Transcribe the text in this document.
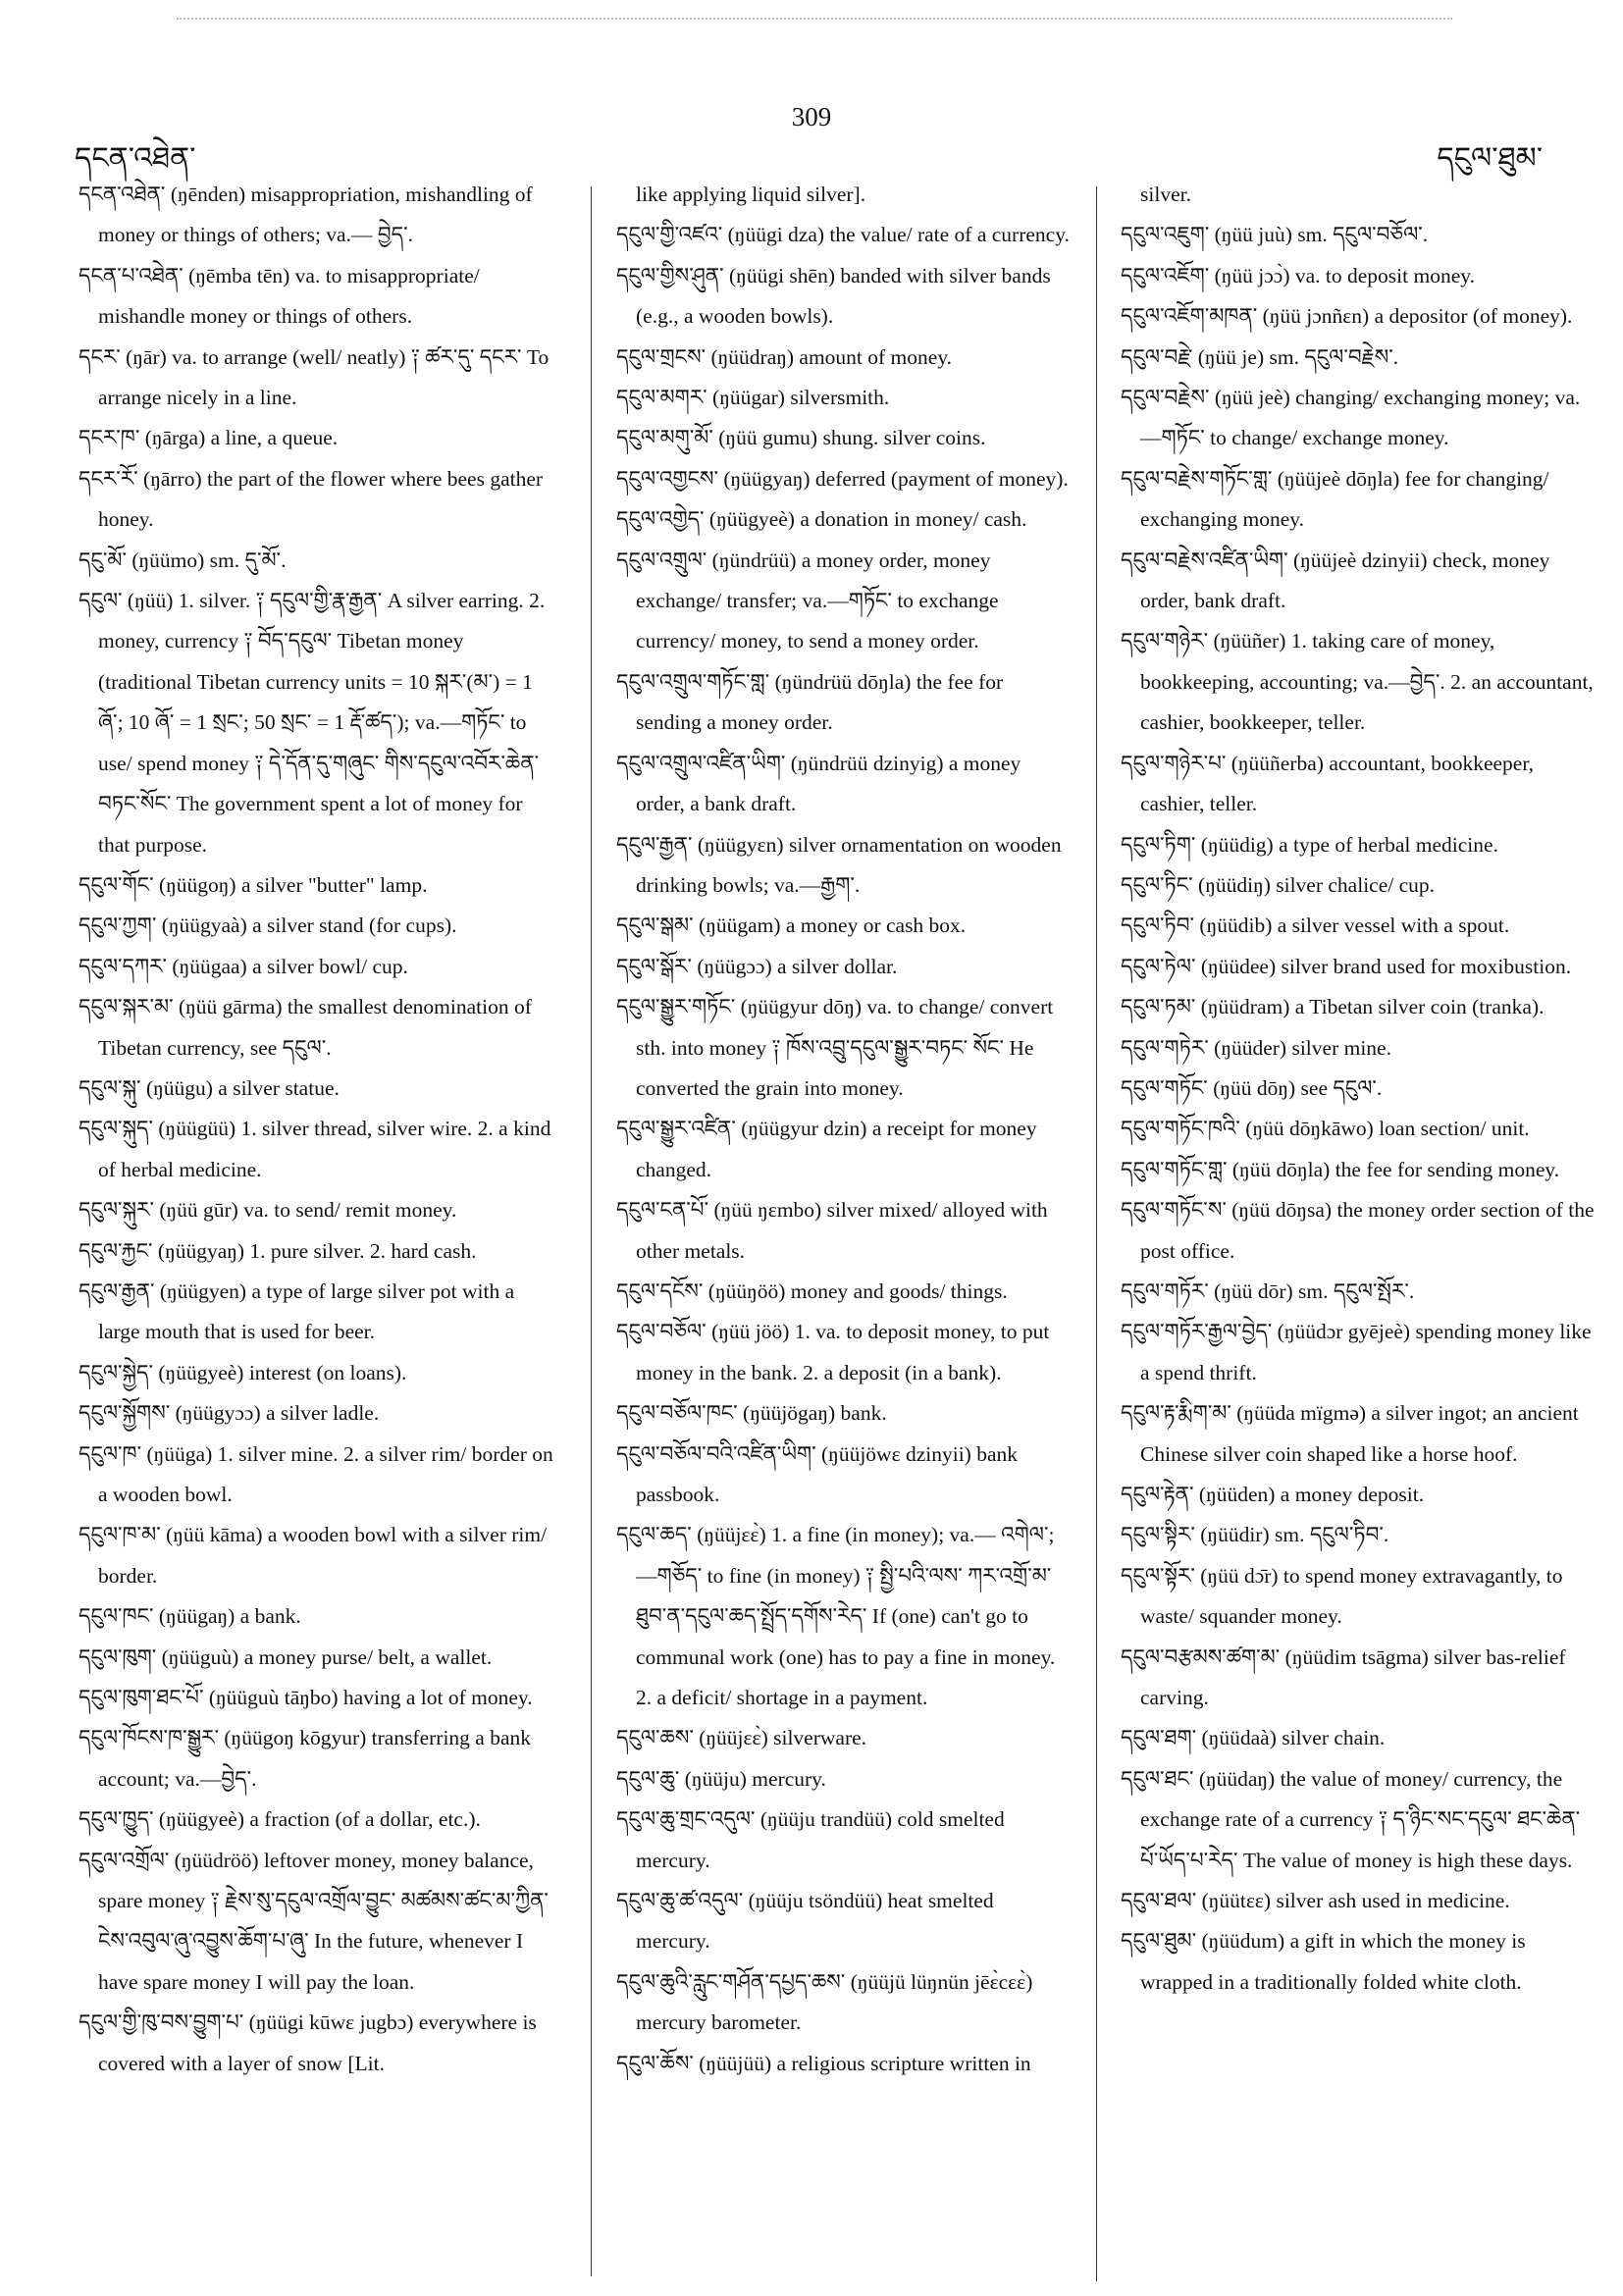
དངན་འཐེན་
309
དངུལ་ཐུམ་

དངན་འཐེན་ (ŋēnden) misappropriation, mishandling of money or things of others; va.— བྱེད་.

དངན་པ་འཐེན་ (ŋēmba tēn) va. to misappropriate/ mishandle money or things of others.

དངར་ (ŋār) va. to arrange (well/ neatly) ༑ ཚར་དུ་ དངར་ To arrange nicely in a line.

དངར་ཁ་ (ŋārga) a line, a queue.

དངར་རོ་ (ŋārro) the part of the flower where bees gather honey.

དངུ་མོ་ (ŋüümo) sm. དུ་མོ་.

དངུལ་ (ŋüü) 1. silver. ༑ དངུལ་གྱི་རྣ་རྒྱན་ A silver earring. 2. money, currency ༑ བོད་དངུལ་ Tibetan money (traditional Tibetan currency units = 10 སྐར་(མ་) = 1 ཞོ་; 10 ཞོ་ = 1 སྲང་; 50 སྲང་ = 1 རྡོ་ཚད་); va.—གཏོང་ to use/ spend money ༑ དེ་དོན་དུ་གཞུང་ གིས་དངུལ་འབོར་ཆེན་བཏང་སོང་ The government spent a lot of money for that purpose.

དངུལ་གོང་ (ŋüügoŋ) a silver "butter" lamp.

དངུལ་ཀྱག་ (ŋüügyaà) a silver stand (for cups).

དངུལ་དཀར་ (ŋüügaa) a silver bowl/ cup.

དངུལ་སྐར་མ་ (ŋüü gārma) the smallest denomination of Tibetan currency, see དངུལ་.

དངུལ་སྐུ་ (ŋüügu) a silver statue.

དངུལ་སྐུད་ (ŋüügüü) 1. silver thread, silver wire. 2. a kind of herbal medicine.

དངུལ་སྐུར་ (ŋüü gūr) va. to send/ remit money.

དངུལ་རྐྱང་ (ŋüügyaŋ) 1. pure silver. 2. hard cash.

དངུལ་རྒྱན་ (ŋüügyen) a type of large silver pot with a large mouth that is used for beer.

དངུལ་སྐྱེད་ (ŋüügyeè) interest (on loans).

དངུལ་སྐྱོགས་ (ŋüügyɔɔ) a silver ladle.

དངུལ་ཁ་ (ŋüüga) 1. silver mine. 2. a silver rim/ border on a wooden bowl.

དངུལ་ཁ་མ་ (ŋüü kāma) a wooden bowl with a silver rim/ border.

དངུལ་ཁང་ (ŋüügaŋ) a bank.

དངུལ་ཁུག་ (ŋüüguù) a money purse/ belt, a wallet.

དངུལ་ཁུག་ཐང་པོ་ (ŋüüguù tāŋbo) having a lot of money.

དངུལ་ཁོངས་ཁ་སྒྱུར་ (ŋüügoŋ kōgyur) transferring a bank account; va.—བྱེད་.

དངུལ་ཁྱུད་ (ŋüügyeè) a fraction (of a dollar, etc.).

དངུལ་འགྲོལ་ (ŋüüdröö) leftover money, money balance, spare money ༑ རྗེས་སུ་དངུལ་འགྲོལ་བྱུང་ མཚམས་ཚང་མ་ཀྱིན་ངེས་འབུལ་ཞུ་འབྱུས་ཆོག་པ་ཞུ་ In the future, whenever I have spare money I will pay the loan.

དངུལ་གྱི་ཁུ་བས་བྱུག་པ་ (ŋüügi kūwɛ jugbɔ) everywhere is covered with a layer of snow [Lit.

like applying liquid silver].

དངུལ་གྱི་འཛའ་ (ŋüügi dza) the value/ rate of a currency.

དངུལ་གྱིས་ཤུན་ (ŋüügi shēn) banded with silver bands (e.g., a wooden bowls).

དངུལ་གྲངས་ (ŋüüdraŋ) amount of money.

དངུལ་མགར་ (ŋüügar) silversmith.

དངུལ་མགུ་མོ་ (ŋüü gumu) shung. silver coins.

དངུལ་འགྱངས་ (ŋüügyaŋ) deferred (payment of money).

དངུལ་འགྱེད་ (ŋüügyeè) a donation in money/ cash.

དངུལ་འགྲུལ་ (ŋündrüü) a money order, money exchange/ transfer; va.—གཏོང་ to exchange currency/ money, to send a money order.

དངུལ་འགྲུལ་གཏོང་གླ་ (ŋündrüü dōŋla) the fee for sending a money order.

དངུལ་འགྲུལ་འཛིན་ཡིག་ (ŋündrüü dzinyig) a money order, a bank draft.

དངུལ་རྒྱན་ (ŋüügyɛn) silver ornamentation on wooden drinking bowls; va.—རྒྱག་.

དངུལ་སྒམ་ (ŋüügam) a money or cash box.

དངུལ་སྒོར་ (ŋüügɔɔ) a silver dollar.

དངུལ་སྒྱུར་གཏོང་ (ŋüügyur dōŋ) va. to change/ convert sth. into money ༑ ཁོས་འབྲུ་དངུལ་སྒྱུར་བཏང་ སོང་ He converted the grain into money.

དངུལ་སྒྱུར་འཛིན་ (ŋüügyur dzin) a receipt for money changed.

དངུལ་ངན་པོ་ (ŋüü ŋɛmbo) silver mixed/ alloyed with other metals.

དངུལ་དངོས་ (ŋüüŋöö) money and goods/ things.

དངུལ་བཅོལ་ (ŋüü jöö) 1. va. to deposit money, to put money in the bank. 2. a deposit (in a bank).

དངུལ་བཅོལ་ཁང་ (ŋüüjögaŋ) bank.

དངུལ་བཅོལ་བའི་འཛིན་ཡིག་ (ŋüüjöwɛ dzinyii) bank passbook.

དངུལ་ཆད་ (ŋüüjɛɛ̀) 1. a fine (in money); va.— འགེལ་; —གཅོད་ to fine (in money) ༑ སྤྱི་པའི་ལས་ ཀར་འགྲོ་མ་ཐུབ་ན་དངུལ་ཆད་སྤྲོད་དགོས་རེད་ If (one) can't go to communal work (one) has to pay a fine in money. 2. a deficit/ shortage in a payment.

དངུལ་ཆས་ (ŋüüjɛɛ̀) silverware.

དངུལ་ཆུ་ (ŋüüju) mercury.

དངུལ་ཆུ་གྲང་འདུལ་ (ŋüüju trandüü) cold smelted mercury.

དངུལ་ཆུ་ཚ་འདུལ་ (ŋüüju tsöndüü) heat smelted mercury.

དངུལ་ཆུའི་རླུང་གཤོན་དཔྱད་ཆས་ (ŋüüjü lüŋnün jēɛ̀cɛɛ̀) mercury barometer.

དངུལ་ཆོས་ (ŋüüjüü) a religious scripture written in

silver.

དངུལ་འཇུག་ (ŋüü juù) sm. དངུལ་བཅོལ་.

དངུལ་འཇོག་ (ŋüü jɔɔ̀) va. to deposit money.

དངུལ་འཇོག་མཁན་ (ŋüü jɔnñɛn) a depositor (of money).

དངུལ་བརྗེ་ (ŋüü je) sm. དངུལ་བརྗེས་.

དངུལ་བརྗེས་ (ŋüü jeè) changing/ exchanging money; va.—གཏོང་ to change/ exchange money.

དངུལ་བརྗེས་གཏོང་གླ་ (ŋüüjeè dōŋla) fee for changing/ exchanging money.

དངུལ་བརྗེས་འཛིན་ཡིག་ (ŋüüjeè dzinyii) check, money order, bank draft.

དངུལ་གཉེར་ (ŋüüñer) 1. taking care of money, bookkeeping, accounting; va.—བྱེད་. 2. an accountant, cashier, bookkeeper, teller.

དངུལ་གཉེར་པ་ (ŋüüñerba) accountant, bookkeeper, cashier, teller.

དངུལ་ཏིག་ (ŋüüdig) a type of herbal medicine.

དངུལ་ཏིང་ (ŋüüdiŋ) silver chalice/ cup.

དངུལ་ཏིབ་ (ŋüüdib) a silver vessel with a spout.

དངུལ་ཏེལ་ (ŋüüdee) silver brand used for moxibustion.

དངུལ་ཏམ་ (ŋüüdram) a Tibetan silver coin (tranka).

དངུལ་གཏེར་ (ŋüüder) silver mine.

དངུལ་གཏོང་ (ŋüü dōŋ) see དངུལ་.

དངུལ་གཏོང་ཁའི་ (ŋüü dōŋkāwo) loan section/ unit.

དངུལ་གཏོང་གླ་ (ŋüü dōŋla) the fee for sending money.

དངུལ་གཏོང་ས་ (ŋüü dōŋsa) the money order section of the post office.

དངུལ་གཏོར་ (ŋüü dōr) sm. དངུལ་སྤོར་.

དངུལ་གཏོར་རྒྱལ་བྱེད་ (ŋüüdɔr gyējeè) spending money like a spend thrift.

དངུལ་རྟ་རྨིག་མ་ (ŋüüda mïgmə) a silver ingot; an ancient Chinese silver coin shaped like a horse hoof.

དངུལ་རྟེན་ (ŋüüden) a money deposit.

དངུལ་སྟིར་ (ŋüüdir) sm. དངུལ་ཏིབ་.

དངུལ་སྟོར་ (ŋüü dɔ̄r) to spend money extravagantly, to waste/ squander money.

དངུལ་བརྩམས་ཚག་མ་ (ŋüüdim tsāgma) silver bas-relief carving.

དངུལ་ཐག་ (ŋüüdaà) silver chain.

དངུལ་ཐང་ (ŋüüdaŋ) the value of money/ currency, the exchange rate of a currency ༑ ད་ཉིང་སང་དངུལ་ ཐང་ཆེན་པོ་ཡོད་པ་རེད་ The value of money is high these days.

དངུལ་ཐལ་ (ŋüütɛɛ) silver ash used in medicine.

དངུལ་ཐུམ་ (ŋüüdum) a gift in which the money is wrapped in a traditionally folded white cloth.
